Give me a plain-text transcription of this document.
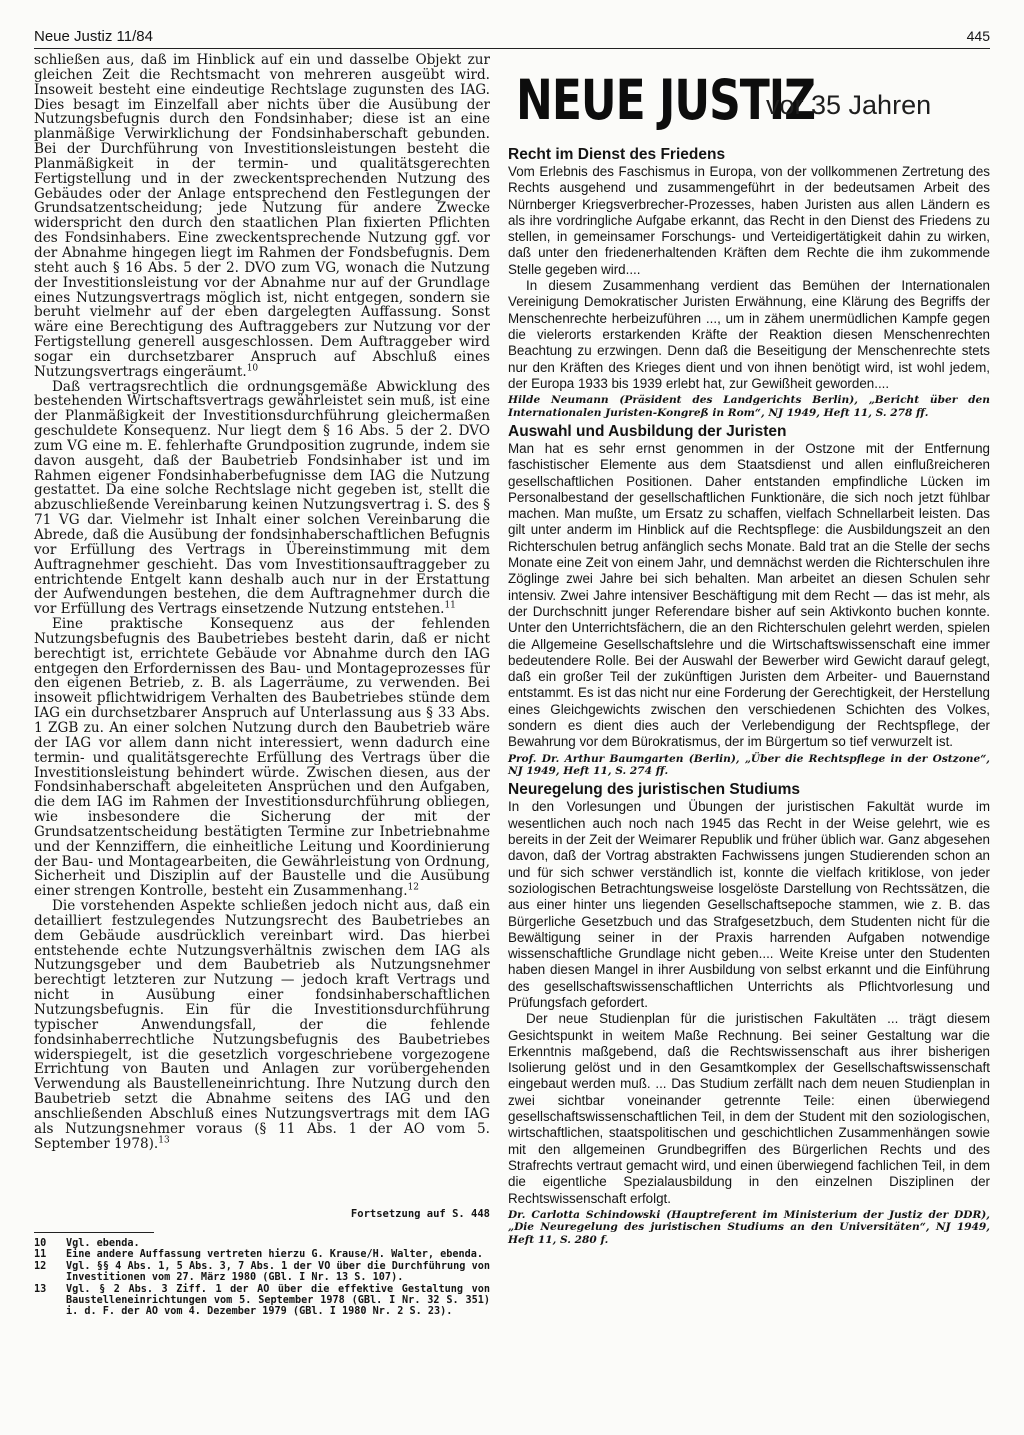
Neue Justiz 11/84	445

schließen aus, daß im Hinblick auf ein und dasselbe Objekt zur gleichen Zeit die Rechtsmacht von mehreren ausgeübt wird. Insoweit besteht eine eindeutige Rechtslage zugunsten des IAG. Dies besagt im Einzelfall aber nichts über die Ausübung der Nutzungsbefugnis durch den Fondsinhaber; diese ist an eine planmäßige Verwirklichung der Fondsinhaberschaft gebunden. Bei der Durchführung von Investitionsleistungen besteht die Planmäßigkeit in der termin- und qualitätsgerechten Fertigstellung und in der zweckentsprechenden Nutzung des Gebäudes oder der Anlage entsprechend den Festlegungen der Grundsatzentscheidung; jede Nutzung für andere Zwecke widerspricht den durch den staatlichen Plan fixierten Pflichten des Fondsinhabers. Eine zweckentsprechende Nutzung ggf. vor der Abnahme hingegen liegt im Rahmen der Fondsbefugnis. Dem steht auch § 16 Abs. 5 der 2. DVO zum VG, wonach die Nutzung der Investitionsleistung vor der Abnahme nur auf der Grundlage eines Nutzungsvertrags möglich ist, nicht entgegen, sondern sie beruht vielmehr auf der eben dargelegten Auffassung. Sonst wäre eine Berechtigung des Auftraggebers zur Nutzung vor der Fertigstellung generell ausgeschlossen. Dem Auftraggeber wird sogar ein durchsetzbarer Anspruch auf Abschluß eines Nutzungsvertrags eingeräumt.$^{10}$

Daß vertragsrechtlich die ordnungsgemäße Abwicklung des bestehenden Wirtschaftsvertrags gewährleistet sein muß, ist eine der Planmäßigkeit der Investitionsdurchführung gleichermaßen geschuldete Konsequenz. Nur liegt dem § 16 Abs. 5 der 2. DVO zum VG eine m. E. fehlerhafte Grundposition zugrunde, indem sie davon ausgeht, daß der Baubetrieb Fondsinhaber ist und im Rahmen eigener Fondsinhaberbefugnisse dem IAG die Nutzung gestattet. Da eine solche Rechtslage nicht gegeben ist, stellt die abzuschließende Vereinbarung keinen Nutzungsvertrag i. S. des § 71 VG dar. Vielmehr ist Inhalt einer solchen Vereinbarung die Abrede, daß die Ausübung der fondsinhaberschaftlichen Befugnis vor Erfüllung des Vertrags in Übereinstimmung mit dem Auftragnehmer geschieht. Das vom Investitionsauftraggeber zu entrichtende Entgelt kann deshalb auch nur in der Erstattung der Aufwendungen bestehen, die dem Auftragnehmer durch die vor Erfüllung des Vertrags einsetzende Nutzung entstehen.$^{11}$

Eine praktische Konsequenz aus der fehlenden Nutzungsbefugnis des Baubetriebes besteht darin, daß er nicht berechtigt ist, errichtete Gebäude vor Abnahme durch den IAG entgegen den Erfordernissen des Bau- und Montageprozesses für den eigenen Betrieb, z. B. als Lagerräume, zu verwenden. Bei insoweit pflichtwidrigem Verhalten des Baubetriebes stünde dem IAG ein durchsetzbarer Anspruch auf Unterlassung aus § 33 Abs. 1 ZGB zu. An einer solchen Nutzung durch den Baubetrieb wäre der IAG vor allem dann nicht interessiert, wenn dadurch eine termin- und qualitätsgerechte Erfüllung des Vertrags über die Investitionsleistung behindert würde. Zwischen diesen, aus der Fondsinhaberschaft abgeleiteten Ansprüchen und den Aufgaben, die dem IAG im Rahmen der Investitionsdurchführung obliegen, wie insbesondere die Sicherung der mit der Grundsatzentscheidung bestätigten Termine zur Inbetriebnahme und der Kennziffern, die einheitliche Leitung und Koordinierung der Bau- und Montagearbeiten, die Gewährleistung von Ordnung, Sicherheit und Disziplin auf der Baustelle und die Ausübung einer strengen Kontrolle, besteht ein Zusammenhang.$^{12}$

Die vorstehenden Aspekte schließen jedoch nicht aus, daß ein detailliert festzulegendes Nutzungsrecht des Baubetriebes an dem Gebäude ausdrücklich vereinbart wird. Das hierbei entstehende echte Nutzungsverhältnis zwischen dem IAG als Nutzungsgeber und dem Baubetrieb als Nutzungsnehmer berechtigt letzteren zur Nutzung — jedoch kraft Vertrags und nicht in Ausübung einer fondsinhaberschaftlichen Nutzungsbefugnis. Ein für die Investitionsdurchführung typischer Anwendungsfall, der die fehlende fondsinhaberrechtliche Nutzungsbefugnis des Baubetriebes widerspiegelt, ist die gesetzlich vorgeschriebene vorgezogene Errichtung von Bauten und Anlagen zur vorübergehenden Verwendung als Baustelleneinrichtung. Ihre Nutzung durch den Baubetrieb setzt die Abnahme seitens des IAG und den anschließenden Abschluß eines Nutzungsvertrags mit dem IAG als Nutzungsnehmer voraus (§ 11 Abs. 1 der AO vom 5. September 1978).$^{13}$

Fortsetzung auf S. 448
10	Vgl. ebenda.
11	Eine andere Auffassung vertreten hierzu G. Krause/H. Walter, ebenda.
12	Vgl. §§ 4 Abs. 1, 5 Abs. 3, 7 Abs. 1 der VO über die Durchführung von Investitionen vom 27. März 1980 (GBl. I Nr. 13 S. 107).
13	Vgl. § 2 Abs. 3 Ziff. 1 der AO über die effektive Gestaltung von Baustelleneinrichtungen vom 5. September 1978 (GBl. I Nr. 32 S. 351) i. d. F. der AO vom 4. Dezember 1979 (GBl. I 1980 Nr. 2 S. 23).
NEUE JUSTIZ
vor 35 Jahren
Recht im Dienst des Friedens

Vom Erlebnis des Faschismus in Europa, von der vollkommenen Zertretung des Rechts ausgehend und zusammengeführt in der bedeutsamen Arbeit des Nürnberger Kriegsverbrecher-Prozesses, haben Juristen aus allen Ländern es als ihre vordringliche Aufgabe erkannt, das Recht in den Dienst des Friedens zu stellen, in gemeinsamer Forschungs- und Verteidigertätigkeit dahin zu wirken, daß unter den friedenerhaltenden Kräften dem Rechte die ihm zukommende Stelle gegeben wird....

In diesem Zusammenhang verdient das Bemühen der Internationalen Vereinigung Demokratischer Juristen Erwähnung, eine Klärung des Begriffs der Menschenrechte herbeizuführen ..., um in zähem unermüdlichen Kampfe gegen die vielerorts erstarkenden Kräfte der Reaktion diesen Menschenrechten Beachtung zu erzwingen. Denn daß die Beseitigung der Menschenrechte stets nur den Kräften des Krieges dient und von ihnen benötigt wird, ist wohl jedem, der Europa 1933 bis 1939 erlebt hat, zur Gewißheit geworden....

Hilde Neumann (Präsident des Landgerichts Berlin), „Bericht über den Internationalen Juristen-Kongreß in Rom“, NJ 1949, Heft 11, S. 278 ff.
Auswahl und Ausbildung der Juristen

Man hat es sehr ernst genommen in der Ostzone mit der Entfernung faschistischer Elemente aus dem Staatsdienst und allen einflußreicheren gesellschaftlichen Positionen. Daher entstanden empfindliche Lücken im Personalbestand der gesellschaftlichen Funktionäre, die sich noch jetzt fühlbar machen. Man mußte, um Ersatz zu schaffen, vielfach Schnellarbeit leisten. Das gilt unter anderm im Hinblick auf die Rechtspflege: die Ausbildungszeit an den Richterschulen betrug anfänglich sechs Monate. Bald trat an die Stelle der sechs Monate eine Zeit von einem Jahr, und demnächst werden die Richterschulen ihre Zöglinge zwei Jahre bei sich behalten. Man arbeitet an diesen Schulen sehr intensiv. Zwei Jahre intensiver Beschäftigung mit dem Recht — das ist mehr, als der Durchschnitt junger Referendare bisher auf sein Aktivkonto buchen konnte. Unter den Unterrichtsfächern, die an den Richterschulen gelehrt werden, spielen die Allgemeine Gesellschaftslehre und die Wirtschaftswissenschaft eine immer bedeutendere Rolle. Bei der Auswahl der Bewerber wird Gewicht darauf gelegt, daß ein großer Teil der zukünftigen Juristen dem Arbeiter- und Bauernstand entstammt. Es ist das nicht nur eine Forderung der Gerechtigkeit, der Herstellung eines Gleichgewichts zwischen den verschiedenen Schichten des Volkes, sondern es dient dies auch der Verlebendigung der Rechtspflege, der Bewahrung vor dem Bürokratismus, der im Bürgertum so tief verwurzelt ist.

Prof. Dr. Arthur Baumgarten (Berlin), „Über die Rechtspflege in der Ostzone“, NJ 1949, Heft 11, S. 274 ff.
Neuregelung des juristischen Studiums

In den Vorlesungen und Übungen der juristischen Fakultät wurde im wesentlichen auch noch nach 1945 das Recht in der Weise gelehrt, wie es bereits in der Zeit der Weimarer Republik und früher üblich war. Ganz abgesehen davon, daß der Vortrag abstrakten Fachwissens jungen Studierenden schon an und für sich schwer verständlich ist, konnte die vielfach kritiklose, von jeder soziologischen Betrachtungsweise losgelöste Darstellung von Rechtssätzen, die aus einer hinter uns liegenden Gesellschaftsepoche stammen, wie z. B. das Bürgerliche Gesetzbuch und das Strafgesetzbuch, dem Studenten nicht für die Bewältigung seiner in der Praxis harrenden Aufgaben notwendige wissenschaftliche Grundlage nicht geben.... Weite Kreise unter den Studenten haben diesen Mangel in ihrer Ausbildung von selbst erkannt und die Einführung des gesellschaftswissenschaftlichen Unterrichts als Pflichtvorlesung und Prüfungsfach gefordert.

Der neue Studienplan für die juristischen Fakultäten ... trägt diesem Gesichtspunkt in weitem Maße Rechnung. Bei seiner Gestaltung war die Erkenntnis maßgebend, daß die Rechtswissenschaft aus ihrer bisherigen Isolierung gelöst und in den Gesamtkomplex der Gesellschaftswissenschaft eingebaut werden muß. ... Das Studium zerfällt nach dem neuen Studienplan in zwei sichtbar voneinander getrennte Teile: einen überwiegend gesellschaftswissenschaftlichen Teil, in dem der Student mit den soziologischen, wirtschaftlichen, staatspolitischen und geschichtlichen Zusammenhängen sowie mit den allgemeinen Grundbegriffen des Bürgerlichen Rechts und des Strafrechts vertraut gemacht wird, und einen überwiegend fachlichen Teil, in dem die eigentliche Spezialausbildung in den einzelnen Disziplinen der Rechtswissenschaft erfolgt.

Dr. Carlotta Schindowski (Hauptreferent im Ministerium der Justiz der DDR), „Die Neuregelung des juristischen Studiums an den Universitäten“, NJ 1949, Heft 11, S. 280 f.
